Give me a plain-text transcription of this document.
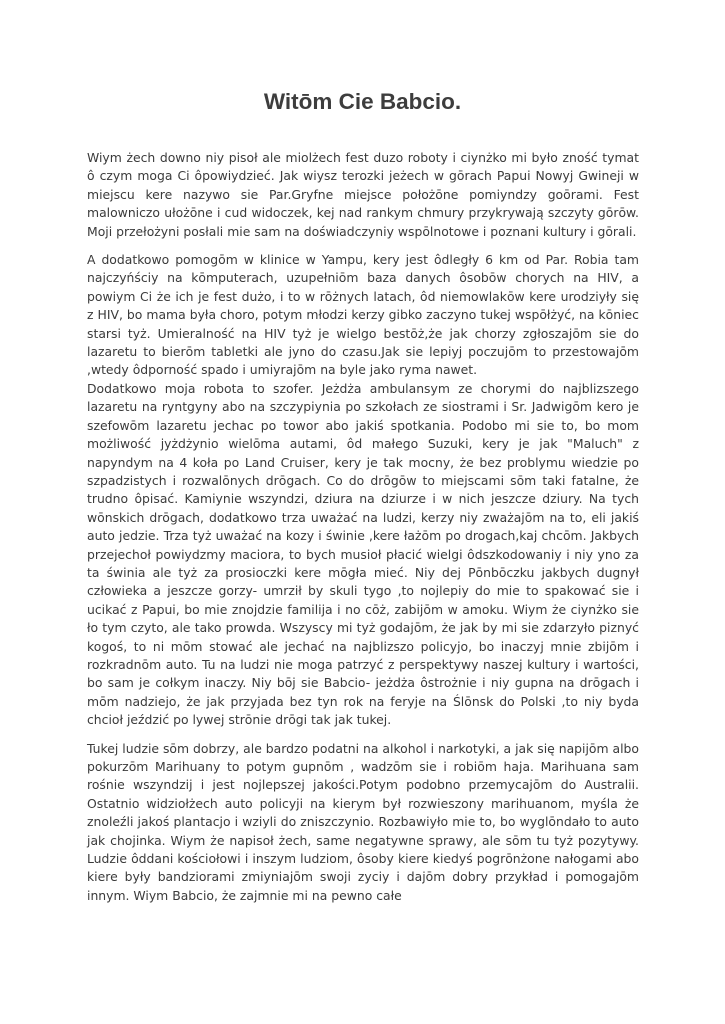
Witōm Cie Babcio.

Wiym żech downo niy pisoł ale miolżech fest duzo roboty i ciynżko mi było zność tymat ô czym moga Ci ôpowiydzieć. Jak wiysz terozki jeżech w gōrach Papui Nowyj Gwineji w miejscu kere nazywo sie Par.Gryfne miejsce położōne pomiyndzy goōrami. Fest malowniczo ułożōne i cud widoczek, kej nad rankym chmury przykrywają szczyty gōrōw. Moji przełożyni posłali mie sam na doświadczyniy wspōlnotowe i poznani kultury i gōrali.

A dodatkowo pomogōm w klinice w Yampu, kery jest ôdległy 6 km od Par. Robia tam najczyńściy na kōmputerach, uzupełniōm baza danych ôsobōw chorych na HIV, a powiym Ci że ich je fest dużo, i to w rōżnych latach, ôd niemowlakōw kere urodziyły się z HIV, bo mama była choro, potym młodzi kerzy gibko zaczyno tukej wspōłżyć, na kōniec starsi tyż. Umieralność na HIV tyż je wielgo bestōż,że jak chorzy zgłoszajōm sie do lazaretu to bierōm tabletki ale jyno do czasu.Jak sie lepiyj poczujōm to przestowajōm ,wtedy ôdporność spado i umiyrajōm na byle jako ryma nawet.

Dodatkowo moja robota to szofer. Jeżdża ambulansym ze chorymi do najblizszego lazaretu na ryntgyny abo na szczypiynia po szkołach ze siostrami i Sr. Jadwigōm kero je szefowōm lazaretu jechac po towor abo jakiś spotkania. Podobo mi sie to, bo mom możliwość jyżdżynio wielōma autami, ôd małego Suzuki, kery je jak "Maluch" z napyndym na 4 koła po Land Cruiser, kery je tak mocny, że bez problymu wiedzie po szpadzistych i rozwalōnych drōgach. Co do drōgōw to miejscami sōm taki fatalne, że trudno ôpisać. Kamiynie wszyndzi, dziura na dziurze i w nich jeszcze dziury. Na tych wōnskich drōgach, dodatkowo trza uważać na ludzi, kerzy niy zważajōm na to, eli jakiś auto jedzie. Trza tyż uważać na kozy i świnie ,kere łażōm po drogach,kaj chcōm. Jakbych przejechoł powiydzmy maciora, to bych musioł płacić wielgi ôdszkodowaniy i niy yno za ta świnia ale tyż za prosioczki kere mōgła mieć. Niy dej Pōnbōczku jakbych dugnył człowieka a jeszcze gorzy- umrził by skuli tygo ,to nojlepiy do mie to spakować sie i ucikać z Papui, bo mie znojdzie familija i no cōż, zabijōm w amoku. Wiym że ciynżko sie ło tym czyto, ale tako prowda. Wszyscy mi tyż godajōm, że jak by mi sie zdarzyło piznyć kogoś, to ni mōm stować ale jechać na najblizszo policyjo, bo inaczyj mnie zbijōm i rozkradnōm auto. Tu na ludzi nie moga patrzyć z perspektywy naszej kultury i wartości, bo sam je cołkym inaczy. Niy bōj sie Babcio- jeżdża ôstrożnie i niy gupna na drōgach i mōm nadziejo, że jak przyjada bez tyn rok na feryje na Ślōnsk do Polski ,to niy byda chcioł jeździć po lywej strōnie drōgi tak jak tukej.

Tukej ludzie sōm dobrzy, ale bardzo podatni na alkohol i narkotyki, a jak się napijōm albo pokurzōm Marihuany to potym gupnōm , wadzōm sie i robiōm haja. Marihuana sam rośnie wszyndzij i jest nojlepszej jakości.Potym podobno przemycajōm do Australii. Ostatnio widziołżech auto policyji na kierym był rozwieszony marihuanom, myśla że znoleźli jakoś plantacjo i wziyli do zniszczynio. Rozbawiyło mie to, bo wyglōndało to auto jak chojinka. Wiym że napisoł żech, same negatywne sprawy, ale sōm tu tyż pozytywy. Ludzie ôddani kościołowi i inszym ludziom, ôsoby kiere kiedyś pogrōnżone nałogami abo kiere były bandziorami zmiyniajōm swoji zyciy i dajōm dobry przykład i pomogajōm innym. Wiym Babcio, że zajmnie mi na pewno całe
